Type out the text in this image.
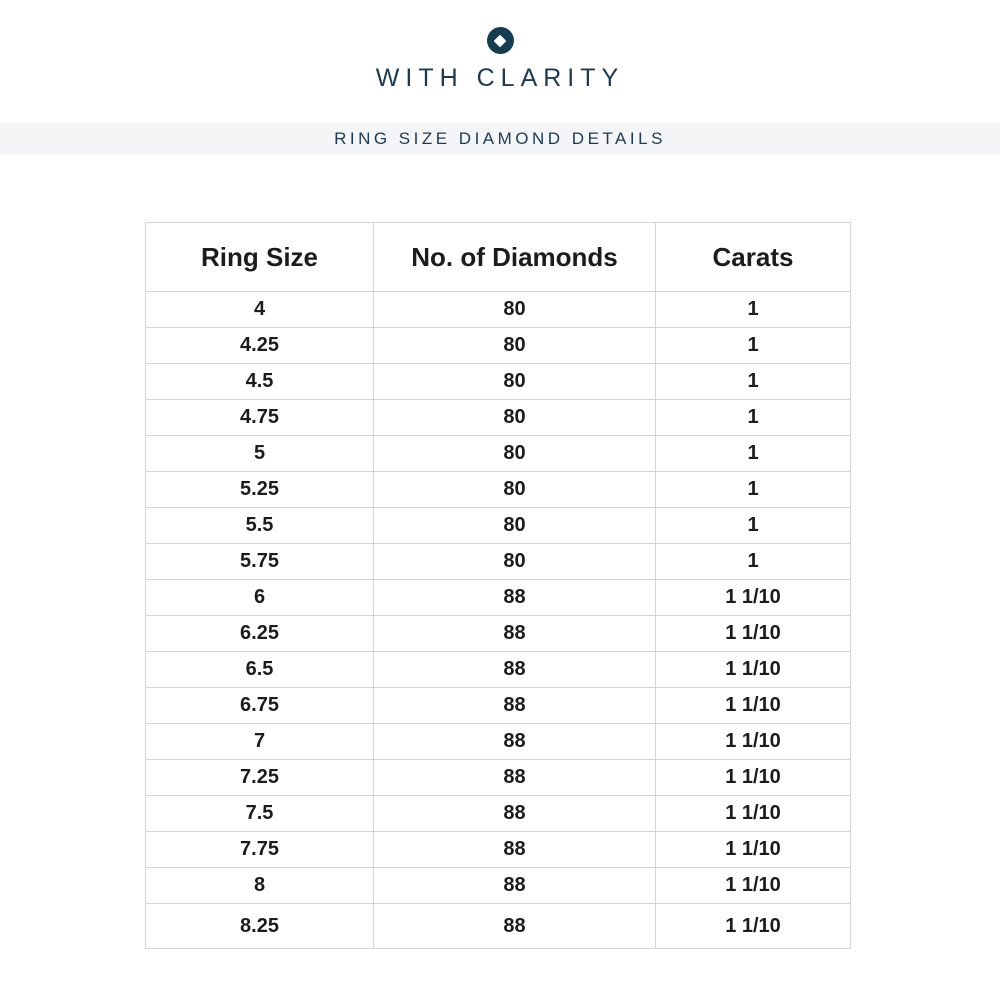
WITH CLARITY
RING SIZE DIAMOND DETAILS
Ring Size	No. of Diamonds	Carats
4	80	1
4.25	80	1
4.5	80	1
4.75	80	1
5	80	1
5.25	80	1
5.5	80	1
5.75	80	1
6	88	1 1/10
6.25	88	1 1/10
6.5	88	1 1/10
6.75	88	1 1/10
7	88	1 1/10
7.25	88	1 1/10
7.5	88	1 1/10
7.75	88	1 1/10
8	88	1 1/10
8.25	88	1 1/10
